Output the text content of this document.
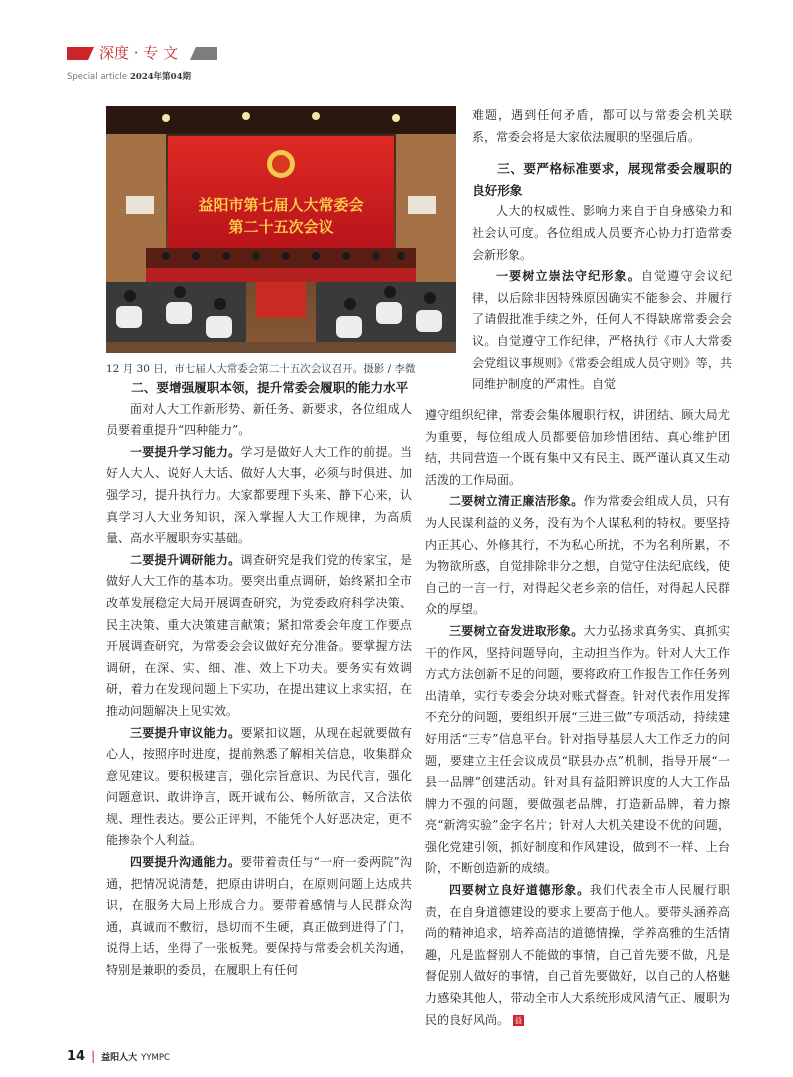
深度 · 专 文
Special article 2024年第04期
益阳市第七届人大常委会
第二十五次会议
12 月 30 日，市七届人大常委会第二十五次会议召开。摄影 / 李微
二、要增强履职本领，提升常委会履职的能力水平

面对人大工作新形势、新任务、新要求，各位组成人员要着重提升“四种能力”。

一要提升学习能力。学习是做好人大工作的前提。当好人大人、说好人大话、做好人大事，必须与时俱进、加强学习，提升执行力。大家都要理下头来、静下心来，认真学习人大业务知识，深入掌握人大工作规律，为高质量、高水平履职夯实基础。

二要提升调研能力。调查研究是我们党的传家宝，是做好人大工作的基本功。要突出重点调研，始终紧扣全市改革发展稳定大局开展调查研究，为党委政府科学决策、民主决策、重大决策建言献策；紧扣常委会年度工作要点开展调查研究，为常委会会议做好充分准备。要掌握方法调研，在深、实、细、准、效上下功夫。要务实有效调研，着力在发现问题上下实功，在提出建议上求实招，在推动问题解决上见实效。

三要提升审议能力。要紧扣议题，从现在起就要做有心人，按照序时进度，提前熟悉了解相关信息，收集群众意见建议。要积极建言，强化宗旨意识、为民代言，强化问题意识、敢讲诤言，既开诚布公、畅所欲言，又合法依规、理性表达。要公正评判，不能凭个人好恶决定，更不能掺杂个人利益。

四要提升沟通能力。要带着责任与“一府一委两院”沟通，把情况说清楚，把原由讲明白，在原则问题上达成共识，在服务大局上形成合力。要带着感情与人民群众沟通，真诚而不敷衍，恳切而不生硬，真正做到进得了门，说得上话，坐得了一张板凳。要保持与常委会机关沟通，特别是兼职的委员，在履职上有任何

难题，遇到任何矛盾，都可以与常委会机关联系，常委会将是大家依法履职的坚强后盾。

三、要严格标准要求，展现常委会履职的良好形象

人大的权威性、影响力来自于自身感染力和社会认可度。各位组成人员要齐心协力打造常委会新形象。

一要树立崇法守纪形象。自觉遵守会议纪律，以后除非因特殊原因确实不能参会、并履行了请假批准手续之外，任何人不得缺席常委会会议。自觉遵守工作纪律，严格执行《市人大常委会党组议事规则》《常委会组成人员守则》等，共同维护制度的严肃性。自觉

遵守组织纪律，常委会集体履职行权，讲团结、顾大局尤为重要，每位组成人员都要倍加珍惜团结、真心维护团结，共同营造一个既有集中又有民主、既严谨认真又生动活泼的工作局面。

二要树立清正廉洁形象。作为常委会组成人员，只有为人民谋利益的义务，没有为个人谋私利的特权。要坚持内正其心、外修其行，不为私心所扰，不为名利所累，不为物欲所惑，自觉排除非分之想，自觉守住法纪底线，使自己的一言一行，对得起父老乡亲的信任，对得起人民群众的厚望。

三要树立奋发进取形象。大力弘扬求真务实、真抓实干的作风，坚持问题导向，主动担当作为。针对人大工作方式方法创新不足的问题，要将政府工作报告工作任务列出清单，实行专委会分块对账式督查。针对代表作用发挥不充分的问题，要组织开展“三进三做”专项活动，持续建好用活“三专”信息平台。针对指导基层人大工作乏力的问题，要建立主任会议成员“联县办点”机制，指导开展“一县一品牌”创建活动。针对具有益阳辨识度的人大工作品牌力不强的问题，要做强老品牌，打造新品牌，着力擦亮“新湾实验”金字名片；针对人大机关建设不优的问题，强化党建引领，抓好制度和作风建设，做到不一样、上台阶，不断创造新的成绩。

四要树立良好道德形象。我们代表全市人民履行职责，在自身道德建设的要求上要高于他人。要带头涵养高尚的精神追求，培养高洁的道德情操，学养高雅的生活情趣，凡是监督别人不能做的事情，自己首先要不做，凡是督促别人做好的事情，自己首先要做好，以自己的人格魅力感染其他人，带动全市人大系统形成风清气正、履职为民的良好风尚。 益

14 | 益阳人大 YYMPC
